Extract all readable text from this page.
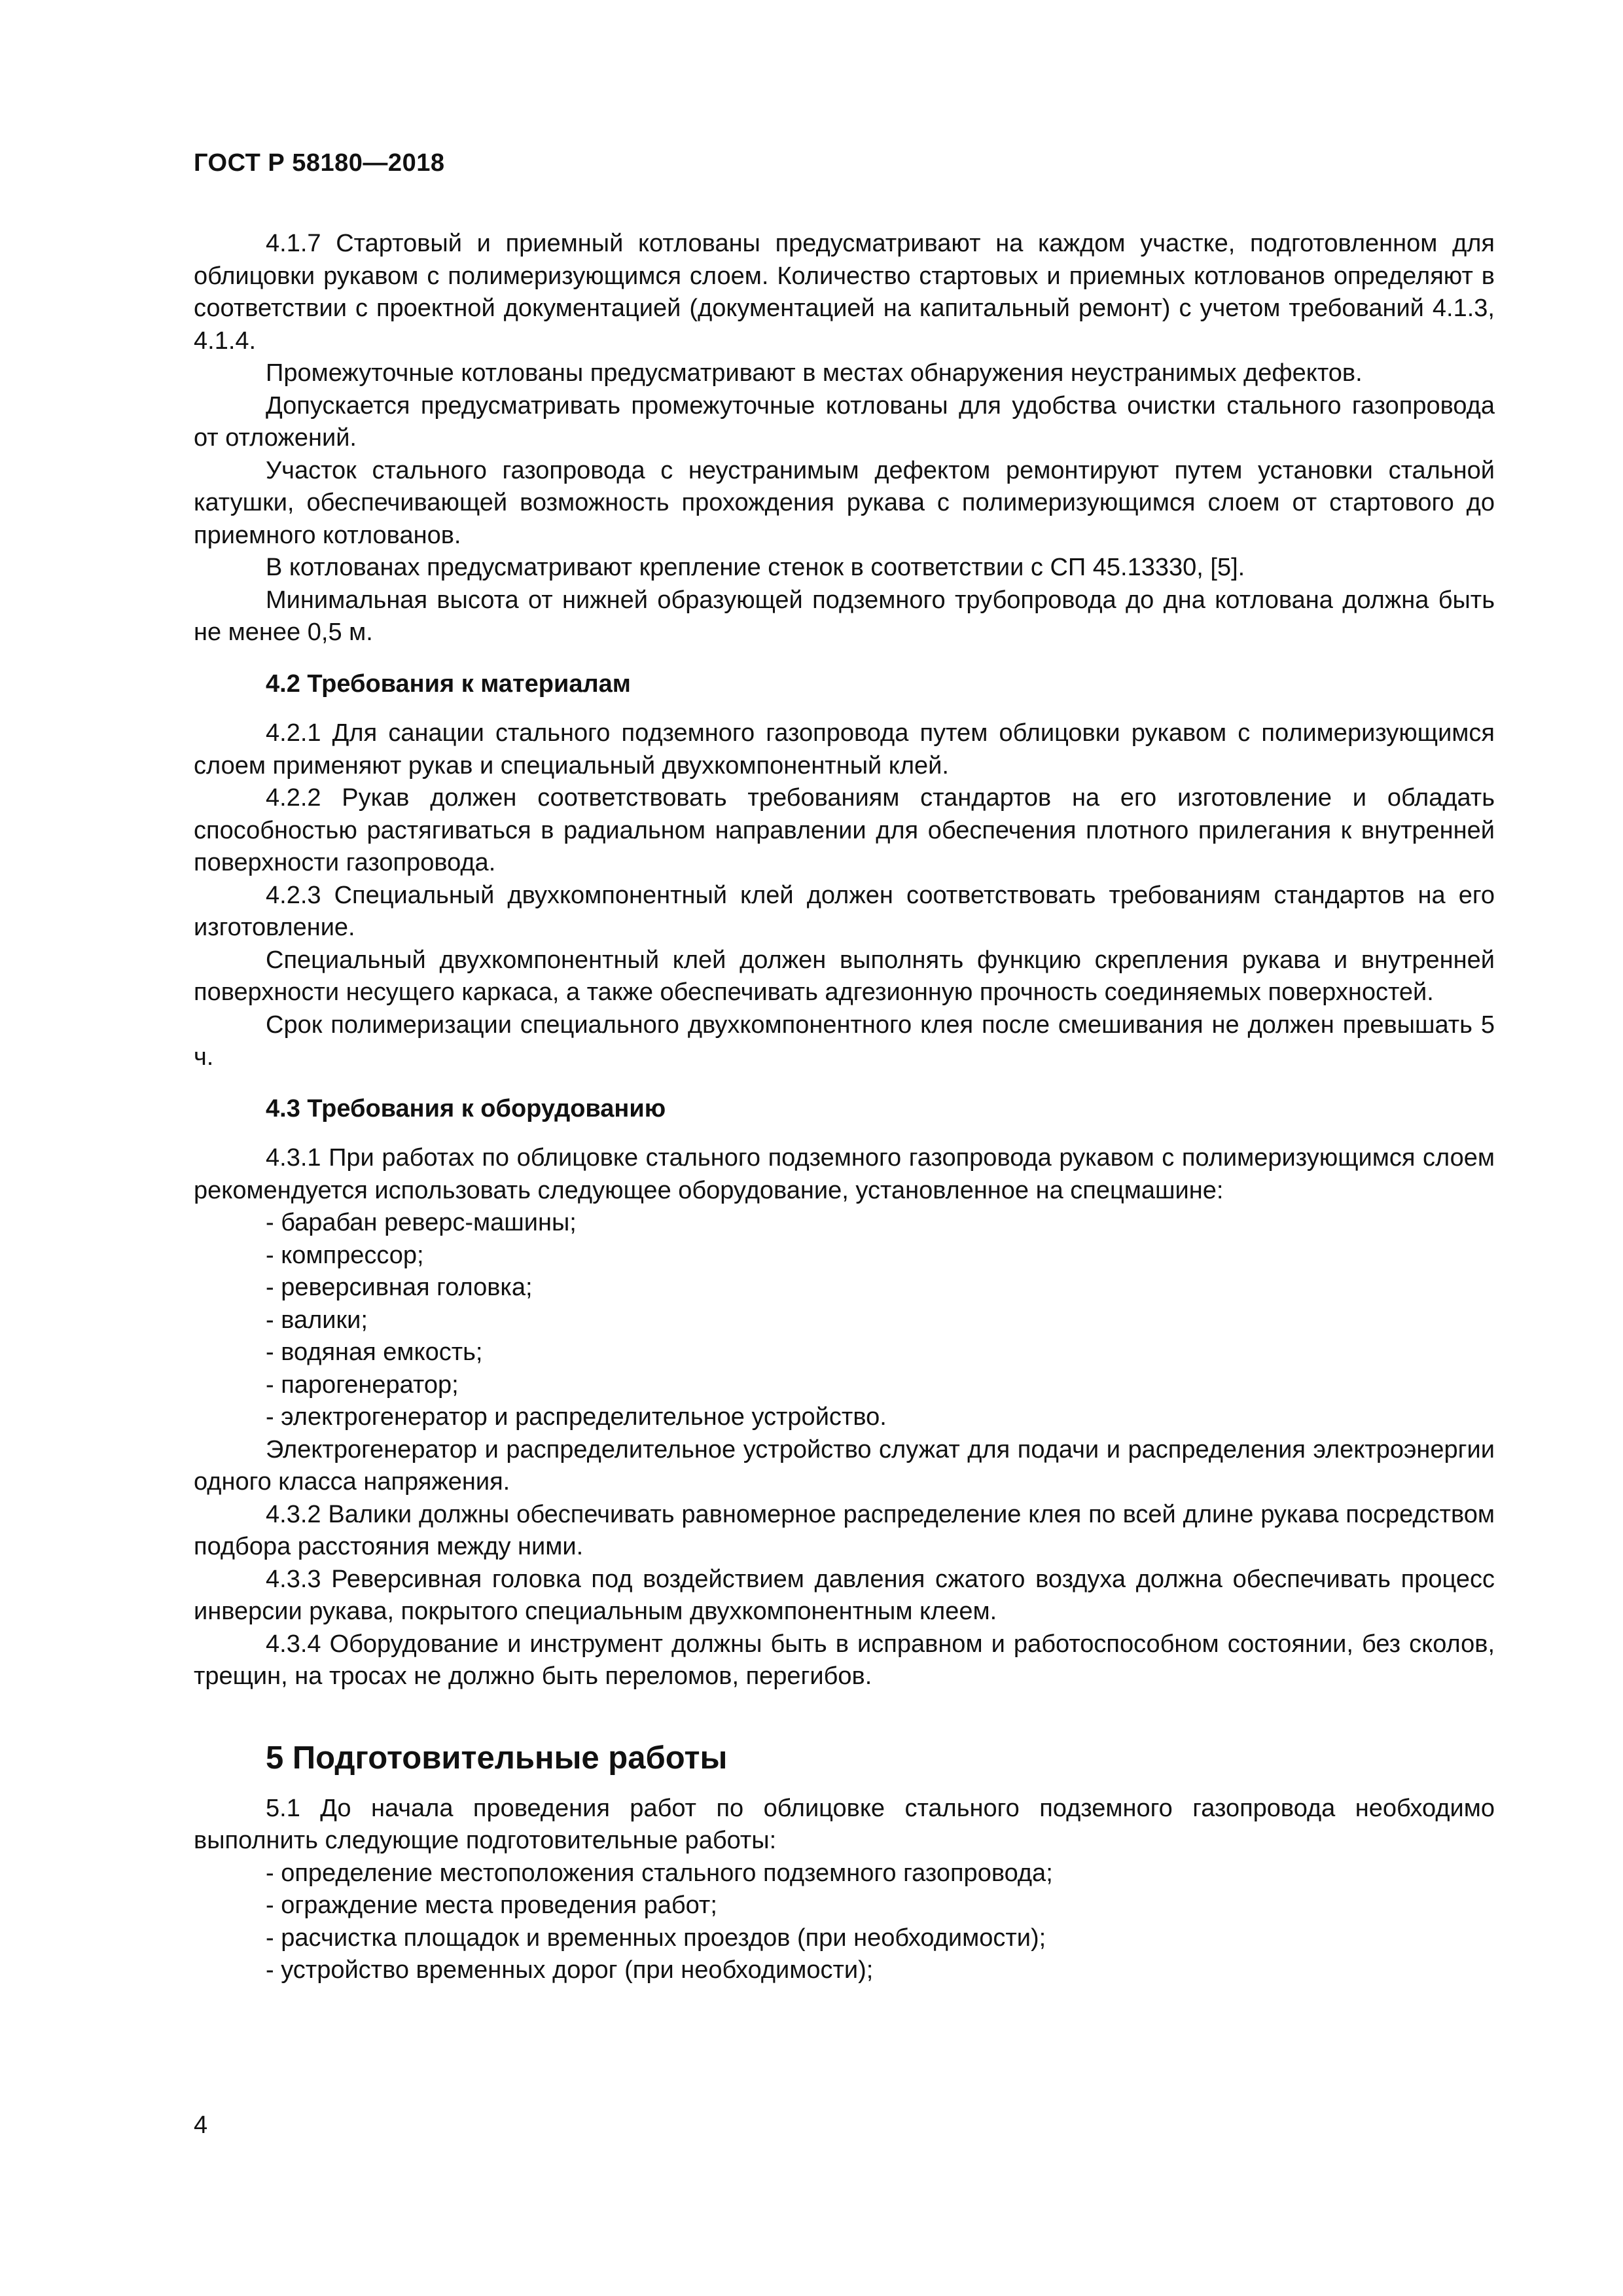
ГОСТ Р 58180—2018

4.1.7 Стартовый и приемный котлованы предусматривают на каждом участке, подготовленном для облицовки рукавом с полимеризующимся слоем. Количество стартовых и приемных котлованов определяют в соответствии с проектной документацией (документацией на капитальный ремонт) с учетом требований 4.1.3, 4.1.4.

Промежуточные котлованы предусматривают в местах обнаружения неустранимых дефектов.

Допускается предусматривать промежуточные котлованы для удобства очистки стального газопровода от отложений.

Участок стального газопровода с неустранимым дефектом ремонтируют путем установки стальной катушки, обеспечивающей возможность прохождения рукава с полимеризующимся слоем от стартового до приемного котлованов.

В котлованах предусматривают крепление стенок в соответствии с СП 45.13330, [5].

Минимальная высота от нижней образующей подземного трубопровода до дна котлована должна быть не менее 0,5 м.

4.2 Требования к материалам

4.2.1 Для санации стального подземного газопровода путем облицовки рукавом с полимеризующимся слоем применяют рукав и специальный двухкомпонентный клей.

4.2.2 Рукав должен соответствовать требованиям стандартов на его изготовление и обладать способностью растягиваться в радиальном направлении для обеспечения плотного прилегания к внутренней поверхности газопровода.

4.2.3 Специальный двухкомпонентный клей должен соответствовать требованиям стандартов на его изготовление.

Специальный двухкомпонентный клей должен выполнять функцию скрепления рукава и внутренней поверхности несущего каркаса, а также обеспечивать адгезионную прочность соединяемых поверхностей.

Срок полимеризации специального двухкомпонентного клея после смешивания не должен превышать 5 ч.

4.3 Требования к оборудованию

4.3.1 При работах по облицовке стального подземного газопровода рукавом с полимеризующимся слоем рекомендуется использовать следующее оборудование, установленное на спецмашине:

- барабан реверс-машины;
- компрессор;
- реверсивная головка;
- валики;
- водяная емкость;
- парогенератор;
- электрогенератор и распределительное устройство.

Электрогенератор и распределительное устройство служат для подачи и распределения электроэнергии одного класса напряжения.

4.3.2 Валики должны обеспечивать равномерное распределение клея по всей длине рукава посредством подбора расстояния между ними.

4.3.3 Реверсивная головка под воздействием давления сжатого воздуха должна обеспечивать процесс инверсии рукава, покрытого специальным двухкомпонентным клеем.

4.3.4 Оборудование и инструмент должны быть в исправном и работоспособном состоянии, без сколов, трещин, на тросах не должно быть переломов, перегибов.

5 Подготовительные работы

5.1 До начала проведения работ по облицовке стального подземного газопровода необходимо выполнить следующие подготовительные работы:

- определение местоположения стального подземного газопровода;
- ограждение места проведения работ;
- расчистка площадок и временных проездов (при необходимости);
- устройство временных дорог (при необходимости);
4
